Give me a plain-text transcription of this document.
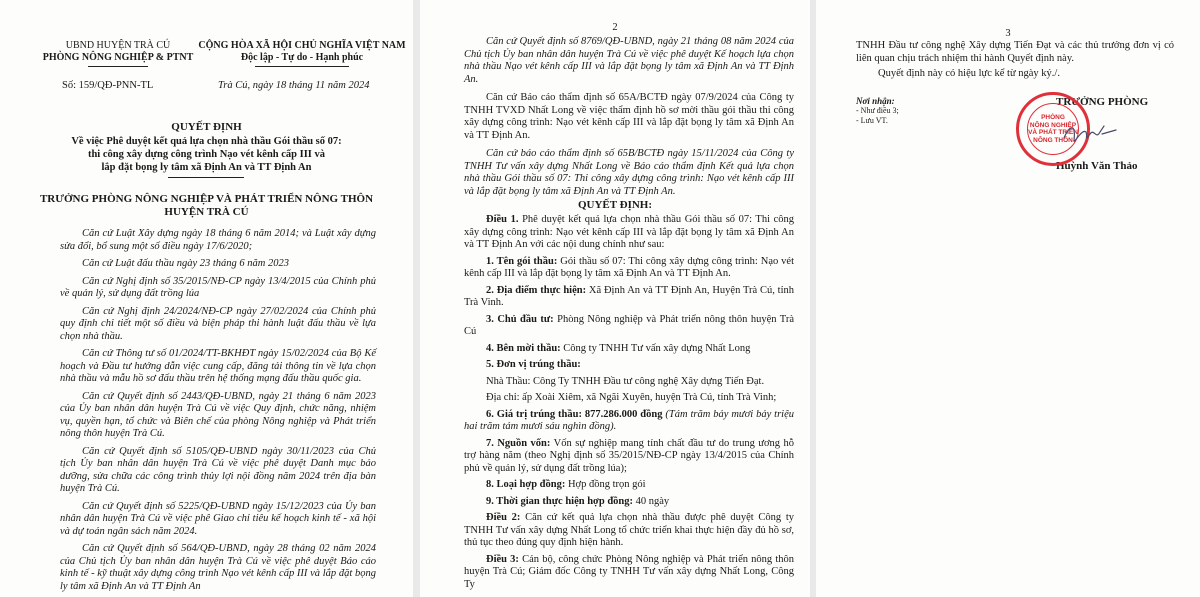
UBND HUYỆN TRÀ CÚ
PHÒNG NÔNG NGHIỆP & PTNT
CỘNG HÒA XÃ HỘI CHỦ NGHĨA VIỆT NAM
Độc lập - Tự do - Hạnh phúc
Số: 159/QĐ-PNN-TL	Trà Cú, ngày 18 tháng 11 năm 2024
QUYẾT ĐỊNH
Về việc Phê duyệt kết quả lựa chọn nhà thầu Gói thầu số 07:
thi công xây dựng công trình Nạo vét kênh cấp III và
lắp đặt bọng ly tâm xã Định An và TT Định An
TRƯỞNG PHÒNG NÔNG NGHIỆP VÀ PHÁT TRIỂN NÔNG THÔN
HUYỆN TRÀ CÚ

Căn cứ Luật Xây dựng ngày 18 tháng 6 năm 2014; và Luật xây dựng sửa đổi, bổ sung một số điều ngày 17/6/2020;

Căn cứ Luật đấu thầu ngày 23 tháng 6 năm 2023

Căn cứ Nghị định số 35/2015/NĐ-CP ngày 13/4/2015 của Chính phủ về quản lý, sử dụng đất trồng lúa

Căn cứ Nghị định 24/2024/NĐ-CP ngày 27/02/2024 của Chính phủ quy định chi tiết một số điều và biện pháp thi hành luật đấu thầu về lựa chọn nhà thầu.

Căn cứ Thông tư số 01/2024/TT-BKHĐT ngày 15/02/2024 của Bộ Kế hoạch và Đầu tư hướng dẫn việc cung cấp, đăng tải thông tin về lựa chọn nhà thầu và mẫu hồ sơ đấu thầu trên hệ thống mạng đấu thầu quốc gia.

Căn cứ Quyết định số 2443/QĐ-UBND, ngày 21 tháng 6 năm 2023 của Ủy ban nhân dân huyện Trà Cú về việc Quy định, chức năng, nhiệm vụ, quyền hạn, tổ chức và Biên chế của phòng Nông nghiệp và Phát triển nông thôn huyện Trà Cú.

Căn cứ Quyết định số 5105/QĐ-UBND ngày 30/11/2023 của Chủ tịch Ủy ban nhân dân huyện Trà Cú về việc phê duyệt Danh mục bảo dưỡng, sửa chữa các công trình thủy lợi nội đồng năm 2024 trên địa bàn huyện Trà Cú.

Căn cứ Quyết định số 5225/QĐ-UBND ngày 15/12/2023 của Ủy ban nhân dân huyện Trà Cú về việc phê Giao chỉ tiêu kế hoạch kinh tế - xã hội và dự toán ngân sách năm 2024.

Căn cứ Quyết định số 564/QĐ-UBND, ngày 28 tháng 02 năm 2024 của Chủ tịch Ủy ban nhân dân huyện Trà Cú về việc phê duyệt Báo cáo kinh tế - kỹ thuật xây dựng công trình Nạo vét kênh cấp III và lắp đặt bọng ly tâm xã Định An và TT Định An

2

Căn cứ Quyết định số 8769/QĐ-UBND, ngày 21 tháng 08 năm 2024 của Chủ tịch Ủy ban nhân dân huyện Trà Cú về việc phê duyệt Kế hoạch lựa chọn nhà thầu Nạo vét kênh cấp III và lắp đặt bọng ly tâm xã Định An và TT Định An.

Căn cứ Báo cáo thẩm định số 65A/BCTĐ ngày 07/9/2024 của Công ty TNHH TVXD Nhất Long về việc thẩm định hồ sơ mời thầu gói thầu thi công xây dựng công trình: Nạo vét kênh cấp III và lắp đặt bọng ly tâm xã Định An và TT Định An.

Căn cứ báo cáo thẩm định số 65B/BCTĐ ngày 15/11/2024 của Công ty TNHH Tư vấn xây dựng Nhất Long về Báo cáo thẩm định Kết quả lựa chọn nhà thầu Gói thầu số 07: Thi công xây dựng công trình: Nạo vét kênh cấp III và lắp đặt bọng ly tâm xã Định An và TT Định An.

QUYẾT ĐỊNH:

Điều 1. Phê duyệt kết quả lựa chọn nhà thầu Gói thầu số 07: Thi công xây dựng công trình: Nạo vét kênh cấp III và lắp đặt bọng ly tâm xã Định An và TT Định An với các nội dung chính như sau:

1. Tên gói thầu: Gói thầu số 07: Thi công xây dựng công trình: Nạo vét kênh cấp III và lắp đặt bọng ly tâm xã Định An và TT Định An.

2. Địa điểm thực hiện: Xã Định An và TT Định An, Huyện Trà Cú, tỉnh Trà Vinh.

3. Chủ đầu tư: Phòng Nông nghiệp và Phát triển nông thôn huyện Trà Cú

4. Bên mời thầu: Công ty TNHH Tư vấn xây dựng Nhất Long

5. Đơn vị trúng thầu:

Nhà Thầu: Công Ty TNHH Đầu tư công nghệ Xây dựng Tiến Đạt.

Địa chỉ: ấp Xoài Xiêm, xã Ngãi Xuyên, huyện Trà Cú, tỉnh Trà Vinh;

6. Giá trị trúng thầu: 877.286.000 đồng (Tám trăm bảy mươi bảy triệu hai trăm tám mươi sáu nghìn đồng).

7. Nguồn vốn: Vốn sự nghiệp mang tính chất đầu tư do trung ương hỗ trợ hàng năm (theo Nghị định số 35/2015/NĐ-CP ngày 13/4/2015 của Chính phủ về quản lý, sử dụng đất trồng lúa);

8. Loại hợp đồng: Hợp đồng trọn gói

9. Thời gian thực hiện hợp đồng: 40 ngày

Điều 2: Căn cứ kết quả lựa chọn nhà thầu được phê duyệt Công ty TNHH Tư vấn xây dựng Nhất Long tổ chức triển khai thực hiện đầy đủ hồ sơ, thủ tục theo đúng quy định hiện hành.

Điều 3: Cán bộ, công chức Phòng Nông nghiệp và Phát triển nông thôn huyện Trà Cú; Giám đốc Công ty TNHH Tư vấn xây dựng Nhất Long, Công Ty

3

TNHH Đầu tư công nghệ Xây dựng Tiến Đạt và các thủ trưởng đơn vị có liên quan chịu trách nhiệm thi hành Quyết định này.

Quyết định này có hiệu lực kể từ ngày ký./.

Nơi nhận:
- Như điều 3;
- Lưu VT.
TRƯỞNG PHÒNG
Huỳnh Văn Thảo
PHÒNG
NÔNG NGHIỆP
VÀ PHÁT TRIỂN
NÔNG THÔN
